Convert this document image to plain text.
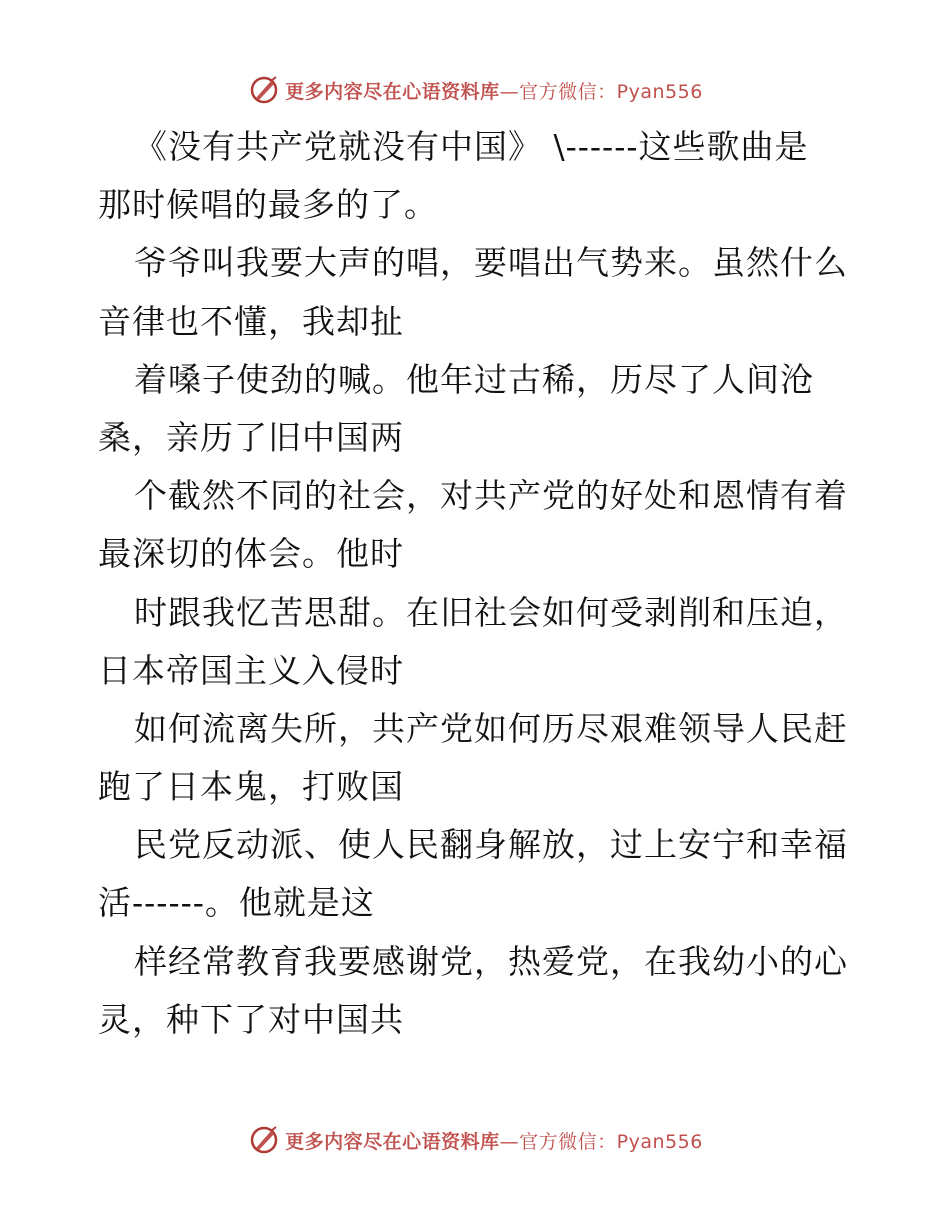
更多内容尽在心语资料库—官方微信：Pyan556
《没有共产党就没有中国》 \------这些歌曲是
那时候唱的最多的了。
爷爷叫我要大声的唱，要唱出气势来。虽然什么
音律也不懂，我却扯
着嗓子使劲的喊。他年过古稀，历尽了人间沧
桑，亲历了旧中国两
个截然不同的社会，对共产党的好处和恩情有着
最深切的体会。他时
时跟我忆苦思甜。在旧社会如何受剥削和压迫，
日本帝国主义入侵时
如何流离失所，共产党如何历尽艰难领导人民赶
跑了日本鬼，打败国
民党反动派、使人民翻身解放，过上安宁和幸福
活------。他就是这
样经常教育我要感谢党，热爱党，在我幼小的心
灵，种下了对中国共
更多内容尽在心语资料库—官方微信：Pyan556
